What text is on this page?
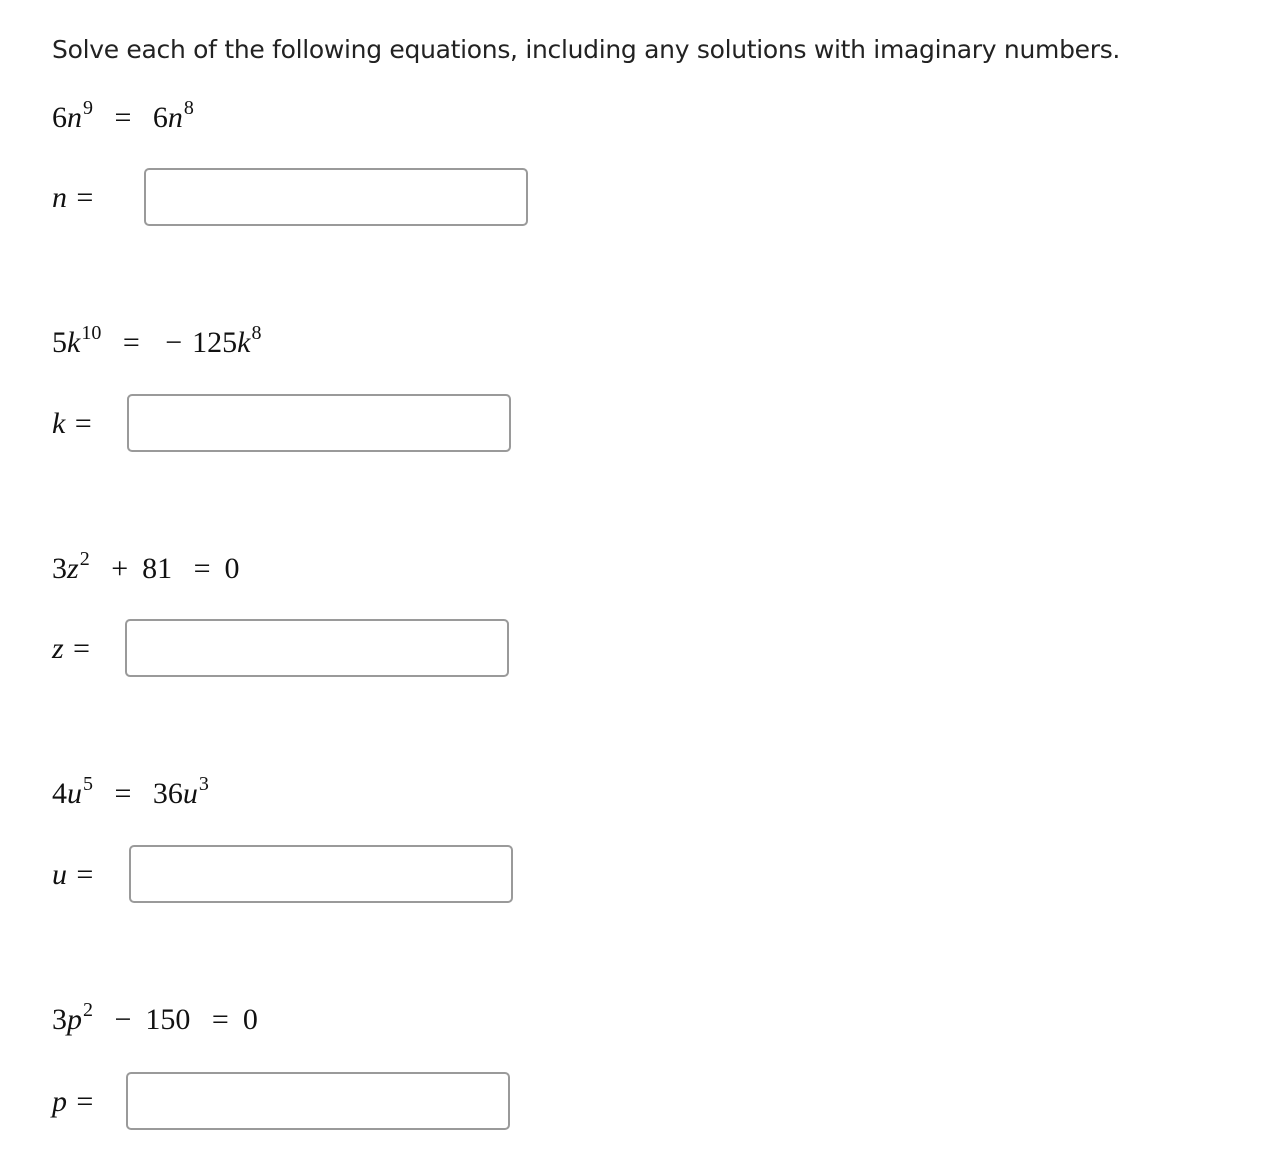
Solve each of the following equations, including any solutions with imaginary numbers.
$6n^9 = 6n^8$
n =
$5k^{10}$ = − $125k^8$
k =
$3z^2 + 81 = 0$
z =
$4u^5 = 36u^3$
u =
$3p^2 - 150 = 0$
p =
